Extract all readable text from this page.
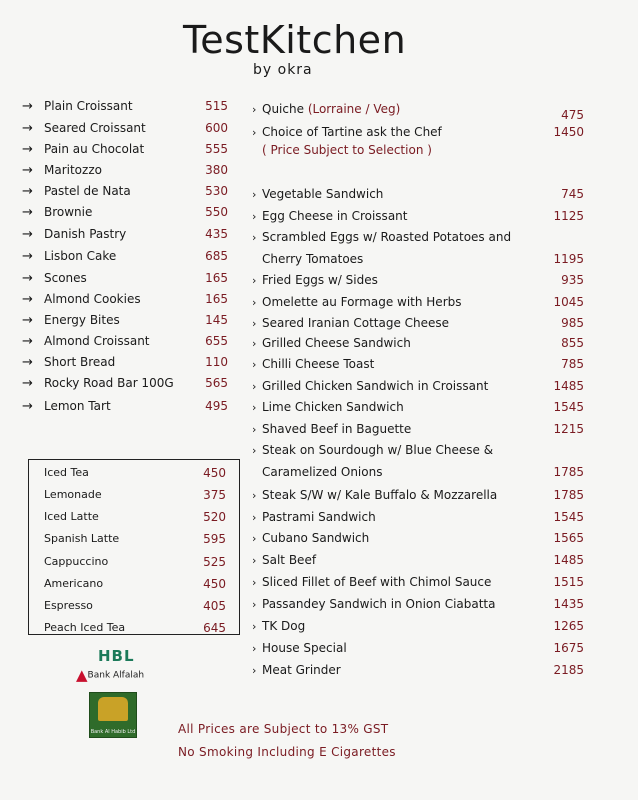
TestKitchen
by okra
→ Plain Croissant	515
→ Seared Croissant	600
→ Pain au Chocolat	555
→ Maritozzo	380
→ Pastel de Nata	530
→ Brownie	550
→ Danish Pastry	435
→ Lisbon Cake	685
→ Scones	165
→ Almond Cookies	165
→ Energy Bites	145
→ Almond Croissant	655
→ Short Bread	110
→ Rocky Road Bar 100G	565
→ Lemon Tart	495
Iced Tea	450
Lemonade	375
Iced Latte	520
Spanish Latte	595
Cappuccino	525
Americano	450
Espresso	405
Peach Iced Tea	645
HBL
▲Bank Alfalah
Bank Al Habib Ltd
› Quiche (Lorraine / Veg)	475
› Choice of Tartine ask the Chef	1450
( Price Subject to Selection )
› Vegetable Sandwich	745
› Egg Cheese in Croissant	1125
› Scrambled Eggs w/ Roasted Potatoes and
Cherry Tomatoes	1195
› Fried Eggs w/ Sides	935
› Omelette au Formage with Herbs	1045
› Seared Iranian Cottage Cheese	985
› Grilled Cheese Sandwich	855
› Chilli Cheese Toast	785
› Grilled Chicken Sandwich in Croissant	1485
› Lime Chicken Sandwich	1545
› Shaved Beef in Baguette	1215
› Steak on Sourdough w/ Blue Cheese &
Caramelized Onions	1785
› Steak S/W w/ Kale Buffalo & Mozzarella	1785
› Pastrami Sandwich	1545
› Cubano Sandwich	1565
› Salt Beef	1485
› Sliced Fillet of Beef with Chimol Sauce	1515
› Passandey Sandwich in Onion Ciabatta	1435
› TK Dog	1265
› House Special	1675
› Meat Grinder	2185
All Prices are Subject to 13% GST
No Smoking Including E Cigarettes
